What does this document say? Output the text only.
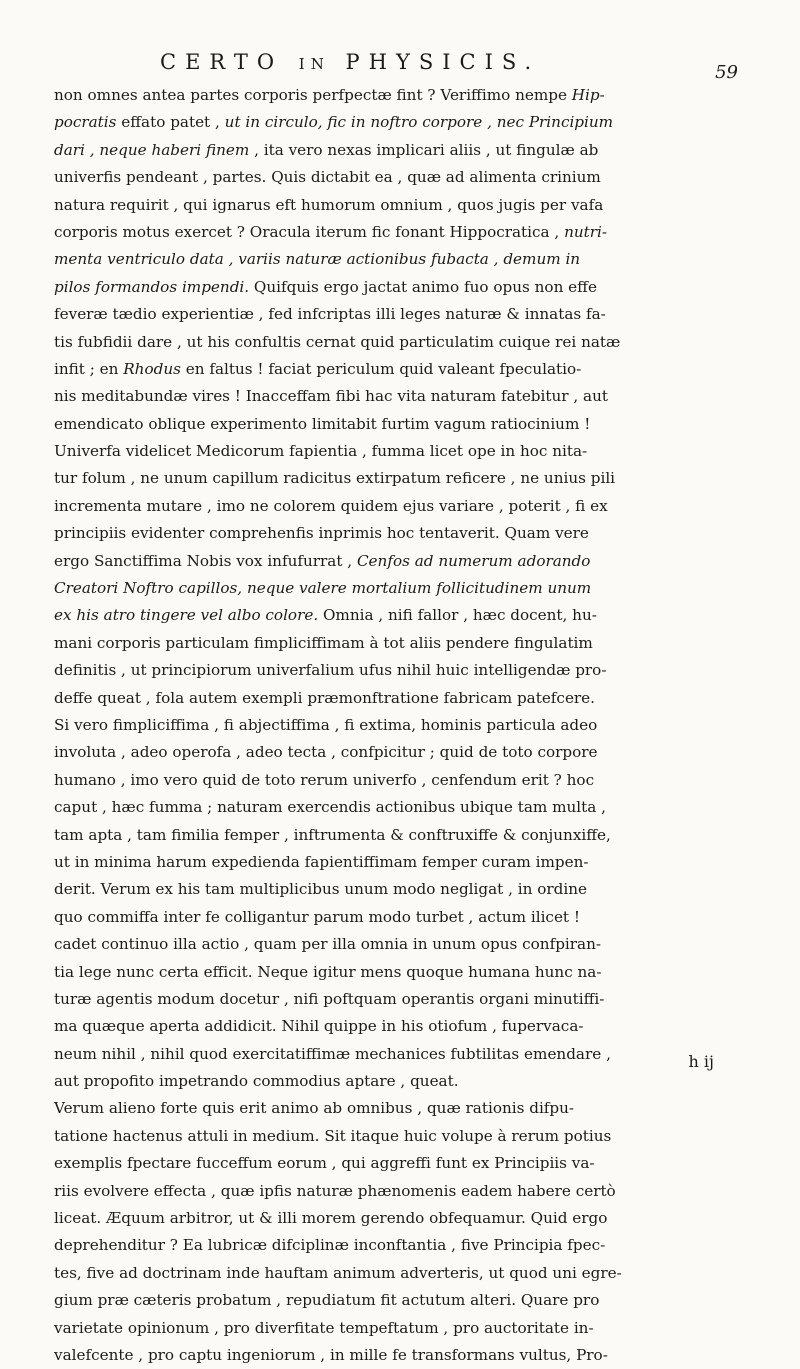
CERTO IN PHYSICIS.	59
non omnes antea partes corporis perfpectæ fint ? Veriffimo nempe Hip-
pocratis effato patet , ut in circulo, fic in noftro corpore , nec Principium
dari , neque haberi finem , ita vero nexas implicari aliis , ut fingulæ ab
univerfis pendeant , partes. Quis dictabit ea , quæ ad alimenta crinium
natura requirit , qui ignarus eft humorum omnium , quos jugis per vafa
corporis motus exercet ? Oracula iterum fic fonant Hippocratica , nutri-
menta ventriculo data , variis naturæ actionibus fubacta , demum in
pilos formandos impendi. Quifquis ergo jactat animo fuo opus non effe
feveræ tædio experientiæ , fed infcriptas illi leges naturæ & innatas fa-
tis fubfidii dare , ut his confultis cernat quid particulatim cuique rei natæ
infit ; en Rhodus en faltus ! faciat periculum quid valeant fpeculatio-
nis meditabundæ vires ! Inacceffam fibi hac vita naturam fatebitur , aut
emendicato oblique experimento limitabit furtim vagum ratiocinium !
Univerfa videlicet Medicorum fapientia , fumma licet ope in hoc nita-
tur folum , ne unum capillum radicitus extirpatum reficere , ne unius pili
incrementa mutare , imo ne colorem quidem ejus variare , poterit , fi ex
principiis evidenter comprehenfis inprimis hoc tentaverit. Quam vere
ergo Sanctiffima Nobis vox infufurrat , Cenfos ad numerum adorando
Creatori Noftro capillos, neque valere mortalium follicitudinem unum
ex his atro tingere vel albo colore. Omnia , nifi fallor , hæc docent, hu-
mani corporis particulam fimpliciffimam à tot aliis pendere fingulatim
definitis , ut principiorum univerfalium ufus nihil huic intelligendæ pro-
deffe queat , fola autem exempli præmonftratione fabricam patefcere.
Si vero fimpliciffima , fi abjectiffima , fi extima, hominis particula adeo
involuta , adeo operofa , adeo tecta , confpicitur ; quid de toto corpore
humano , imo vero quid de toto rerum univerfo , cenfendum erit ? hoc
caput , hæc fumma ; naturam exercendis actionibus ubique tam multa ,
tam apta , tam fimilia femper , inftrumenta & conftruxiffe & conjunxiffe,
ut in minima harum expedienda fapientiffimam femper curam impen-
derit. Verum ex his tam multiplicibus unum modo negligat , in ordine
quo commiffa inter fe colligantur parum modo turbet , actum ilicet !
cadet continuo illa actio , quam per illa omnia in unum opus confpiran-
tia lege nunc certa efficit. Neque igitur mens quoque humana hunc na-
turæ agentis modum docetur , nifi poftquam operantis organi minutiffi-
ma quæque aperta addidicit. Nihil quippe in his otiofum , fupervaca-
neum nihil , nihil quod exercitatiffimæ mechanices fubtilitas emendare ,
aut propofito impetrando commodius aptare , queat.
Verum alieno forte quis erit animo ab omnibus , quæ rationis difpu-
tatione hactenus attuli in medium. Sit itaque huic volupe à rerum potius
exemplis fpectare fucceffum eorum , qui aggreffi funt ex Principiis va-
riis evolvere effecta , quæ ipfis naturæ phænomenis eadem habere certò
liceat. Æquum arbitror, ut & illi morem gerendo obfequamur. Quid ergo
deprehenditur ? Ea lubricæ difciplinæ inconftantia , five Principia fpec-
tes, five ad doctrinam inde hauftam animum adverteris, ut quod uni egre-
gium præ cæteris probatum , repudiatum fit actutum alteri. Quare pro
varietate opinionum , pro diverfitate tempeftatum , pro auctoritate in-
valefcente , pro captu ingeniorum , in mille fe transformans vultus, Pro-
h ij
